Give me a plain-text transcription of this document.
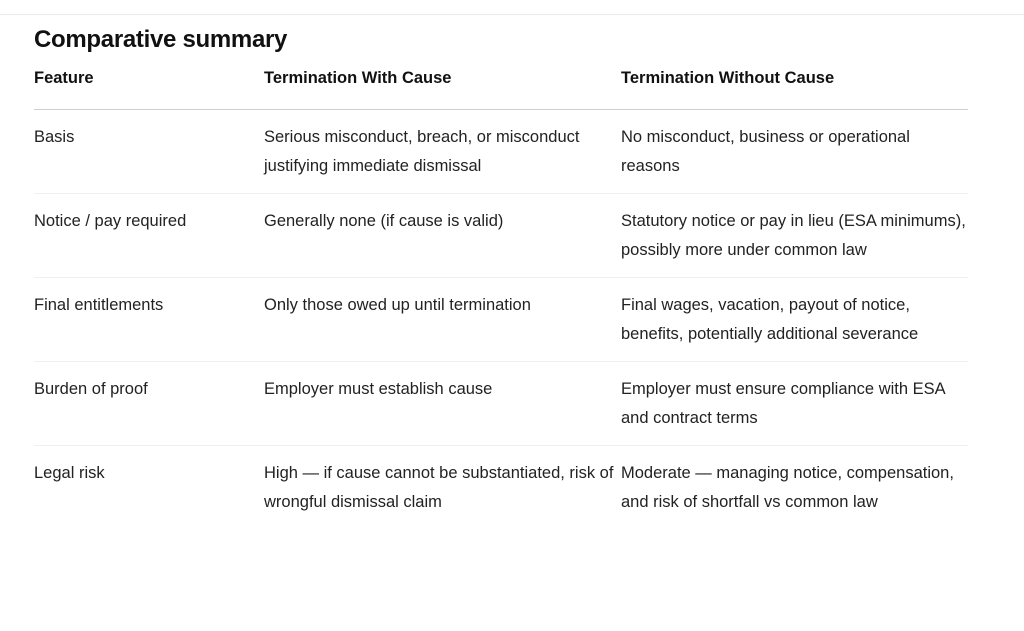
Comparative summary
Feature	Termination With Cause	Termination Without Cause
Basis	Serious misconduct, breach, or misconduct justifying immediate dismissal	No misconduct, business or operational reasons
Notice / pay required	Generally none (if cause is valid)	Statutory notice or pay in lieu (ESA minimums), possibly more under common law
Final entitlements	Only those owed up until termination	Final wages, vacation, payout of notice, benefits, potentially additional severance
Burden of proof	Employer must establish cause	Employer must ensure compliance with ESA and contract terms
Legal risk	High — if cause cannot be substantiated, risk of wrongful dismissal claim	Moderate — managing notice, compensation, and risk of shortfall vs common law
